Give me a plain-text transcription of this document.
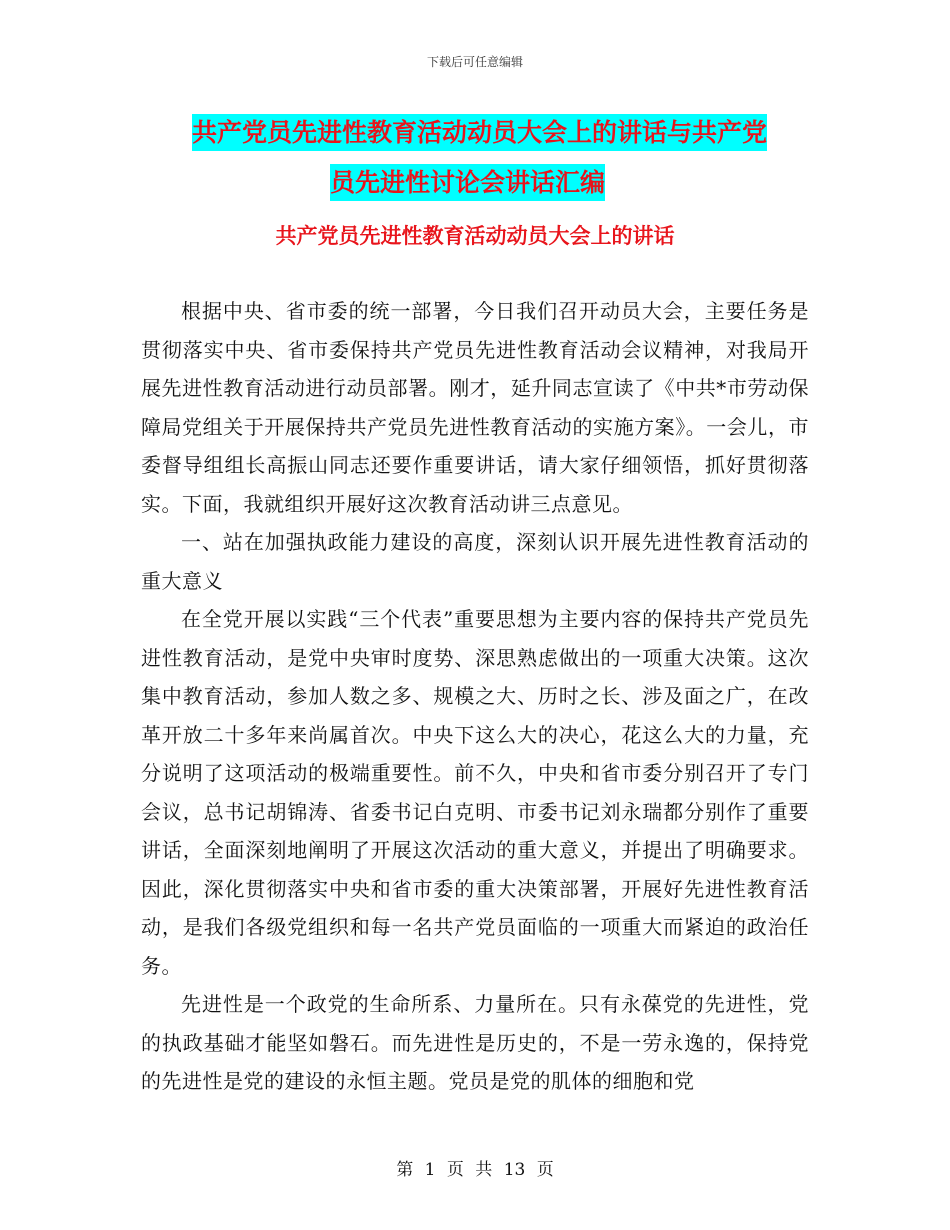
下载后可任意编辑
共产党员先进性教育活动动员大会上的讲话与共产党
员先进性讨论会讲话汇编
共产党员先进性教育活动动员大会上的讲话

根据中央、省市委的统一部署，今日我们召开动员大会，主要任务是贯彻落实中央、省市委保持共产党员先进性教育活动会议精神，对我局开展先进性教育活动进行动员部署。刚才，延升同志宣读了《中共*市劳动保障局党组关于开展保持共产党员先进性教育活动的实施方案》。一会儿，市委督导组组长高振山同志还要作重要讲话，请大家仔细领悟，抓好贯彻落实。下面，我就组织开展好这次教育活动讲三点意见。

一、站在加强执政能力建设的高度，深刻认识开展先进性教育活动的重大意义

在全党开展以实践“三个代表”重要思想为主要内容的保持共产党员先进性教育活动，是党中央审时度势、深思熟虑做出的一项重大决策。这次集中教育活动，参加人数之多、规模之大、历时之长、涉及面之广，在改革开放二十多年来尚属首次。中央下这么大的决心，花这么大的力量，充分说明了这项活动的极端重要性。前不久，中央和省市委分别召开了专门会议，总书记胡锦涛、省委书记白克明、市委书记刘永瑞都分别作了重要讲话，全面深刻地阐明了开展这次活动的重大意义，并提出了明确要求。因此，深化贯彻落实中央和省市委的重大决策部署，开展好先进性教育活动，是我们各级党组织和每一名共产党员面临的一项重大而紧迫的政治任务。

先进性是一个政党的生命所系、力量所在。只有永葆党的先进性，党的执政基础才能坚如磐石。而先进性是历史的，不是一劳永逸的，保持党的先进性是党的建设的永恒主题。党员是党的肌体的细胞和党

第 1 页 共 13 页
